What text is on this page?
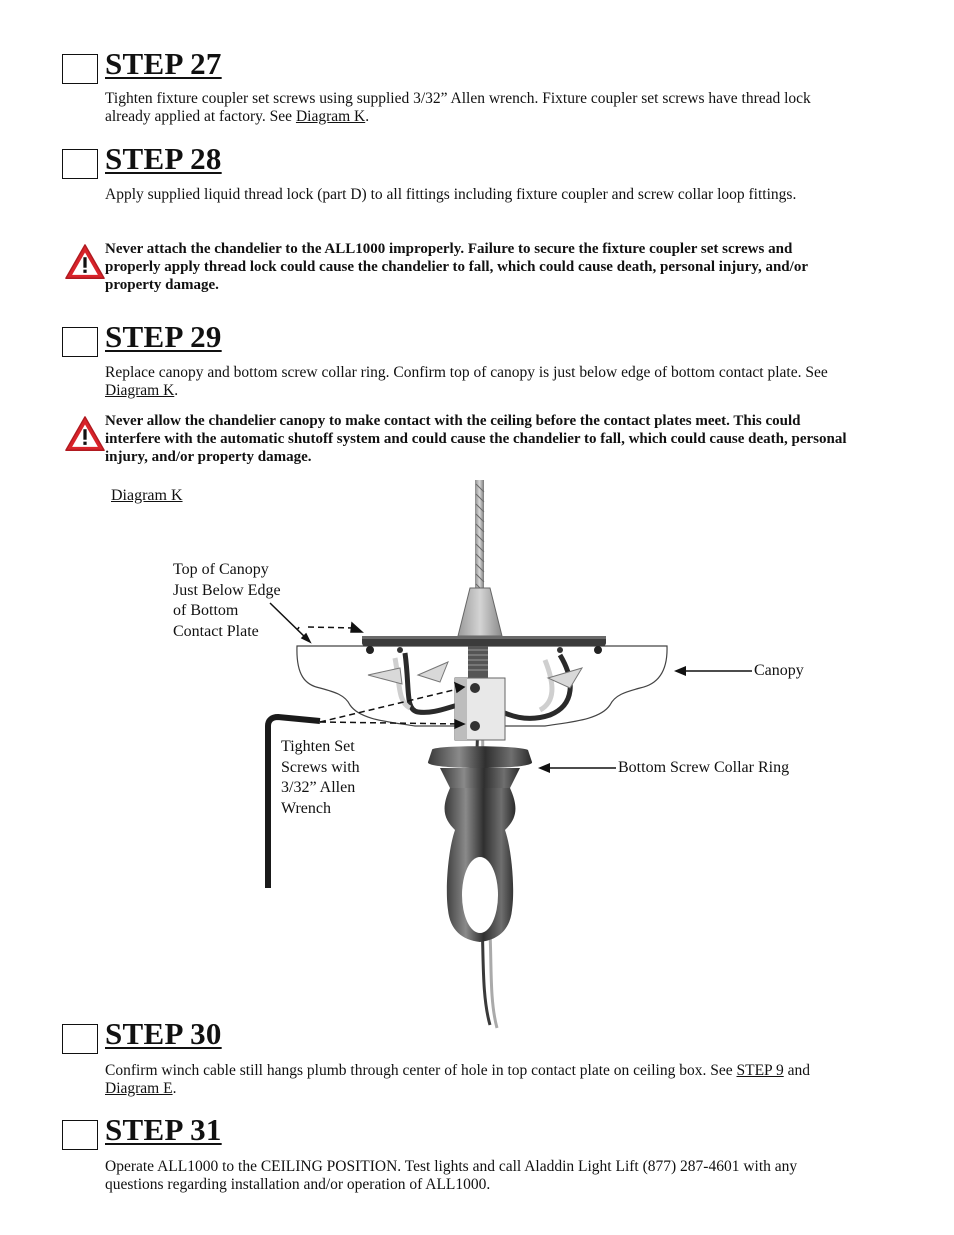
STEP 27
Tighten fixture coupler set screws using supplied 3/32” Allen wrench. Fixture coupler set screws have thread lock already applied at factory. See Diagram K.
STEP 28
Apply supplied liquid thread lock (part D) to all fittings including fixture coupler and screw collar loop fittings.
Never attach the chandelier to the ALL1000 improperly. Failure to secure the fixture coupler set screws and properly apply thread lock could cause the chandelier to fall, which could cause death, personal injury, and/or property damage.
STEP 29
Replace canopy and bottom screw collar ring. Confirm top of canopy is just below edge of bottom contact plate. See Diagram K.
Never allow the chandelier canopy to make contact with the ceiling before the contact plates meet. This could interfere with the automatic shutoff system and could cause the chandelier to fall, which could cause death, personal injury, and/or property damage.
Diagram K
Top of Canopy
Just Below Edge
of Bottom
Contact Plate
Canopy
Tighten Set
Screws with
3/32” Allen
Wrench
Bottom Screw Collar Ring
STEP 30
Confirm winch cable still hangs plumb through center of hole in top contact plate on ceiling box. See STEP 9 and Diagram E.
STEP 31
Operate ALL1000 to the CEILING POSITION. Test lights and call Aladdin Light Lift (877) 287-4601 with any questions regarding installation and/or operation of ALL1000.
